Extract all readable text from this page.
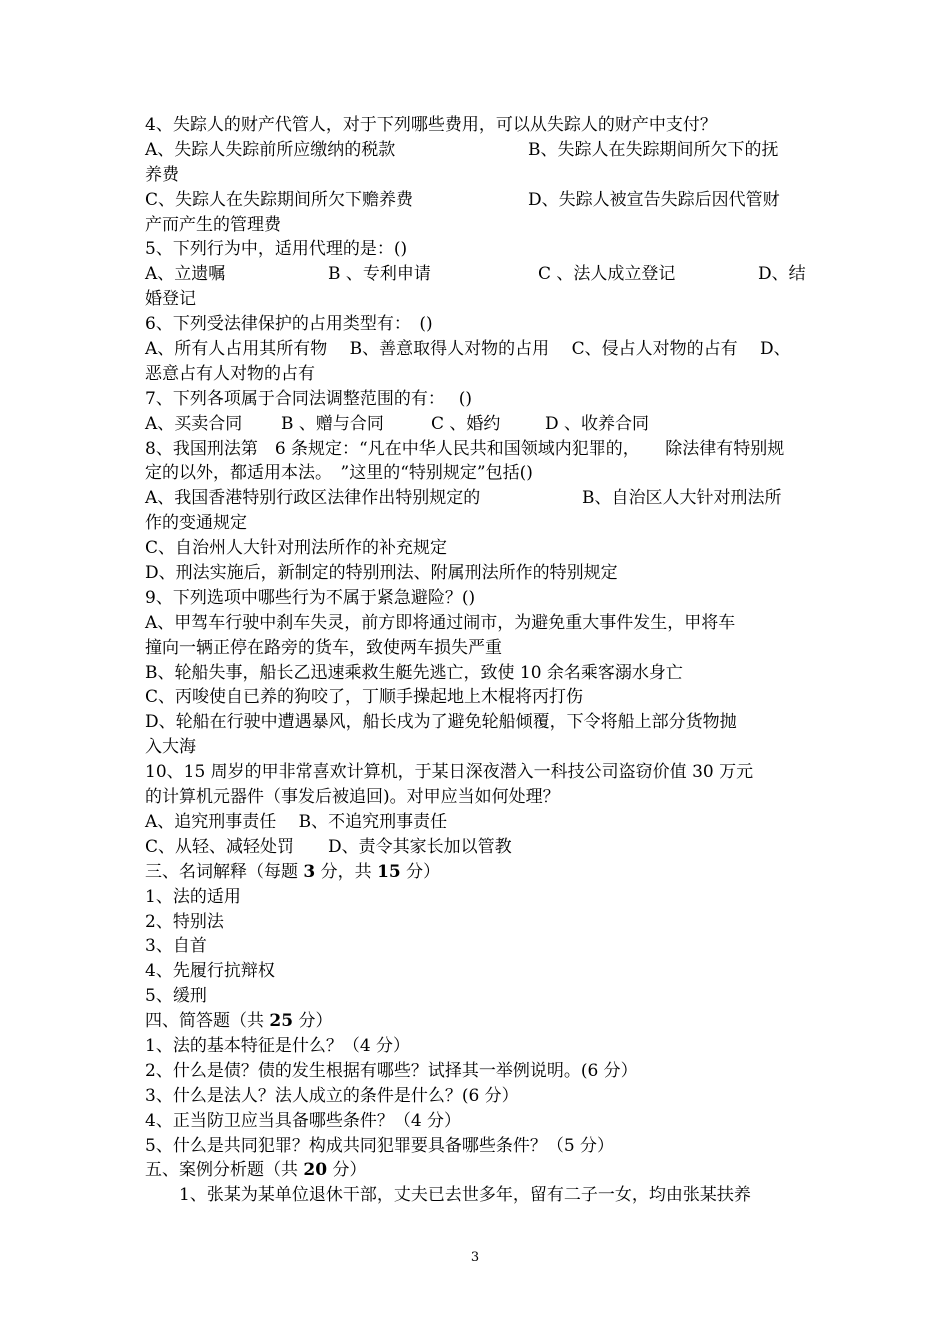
4、失踪人的财产代管人，对于下列哪些费用，可以从失踪人的财产中支付？
A、失踪人失踪前所应缴纳的税款	B、失踪人在失踪期间所欠下的抚
养费
C、失踪人在失踪期间所欠下赡养费	D、失踪人被宣告失踪后因代管财
产而产生的管理费
5、下列行为中，适用代理的是：()
A、立遗嘱	B 、专利申请	C 、法人成立登记	D、结
婚登记
6、下列受法律保护的占用类型有：　()
A、所有人占用其所有物　 B、善意取得人对物的占用　 C、侵占人对物的占有　 D、
恶意占有人对物的占有
7、下列各项属于合同法调整范围的有：　 ()
A、买卖合同	B 、赠与合同	C 、婚约	D 、收养合同
8、我国刑法第　6 条规定：“凡在中华人民共和国领域内犯罪的，　　除法律有特别规
定的以外，都适用本法。　”这里的“特别规定”包括()
A、我国香港特别行政区法律作出特别规定的	B、自治区人大针对刑法所
作的变通规定
C、自治州人大针对刑法所作的补充规定
D、刑法实施后，新制定的特别刑法、附属刑法所作的特别规定
9、下列选项中哪些行为不属于紧急避险？()
A、甲驾车行驶中刹车失灵，前方即将通过闹市，为避免重大事件发生，甲将车
撞向一辆正停在路旁的货车，致使两车损失严重
B、轮船失事，船长乙迅速乘救生艇先逃亡，致使 10 余名乘客溺水身亡
C、丙唆使自已养的狗咬了，丁顺手操起地上木棍将丙打伤
D、轮船在行驶中遭遇暴风，船长戌为了避免轮船倾覆，下令将船上部分货物抛
入大海
10、15 周岁的甲非常喜欢计算机，于某日深夜潜入一科技公司盗窃价值 30 万元
的计算机元器件（事发后被追回)。对甲应当如何处理？
A、追究刑事责任　 B、不追究刑事责任
C、从轻、减轻处罚　　D、责令其家长加以管教
三、名词解释（每题 3 分，共 15 分）
1、法的适用
2、特别法
3、自首
4、先履行抗辩权
5、缓刑
四、简答题（共 25 分）
1、法的基本特征是什么？（4 分）
2、什么是债？债的发生根据有哪些？试择其一举例说明。(6 分）
3、什么是法人？法人成立的条件是什么？(6 分）
4、正当防卫应当具备哪些条件？（4 分）
5、什么是共同犯罪？构成共同犯罪要具备哪些条件？（5 分）
五、案例分析题（共 20 分）
1、张某为某单位退休干部，丈夫已去世多年，留有二子一女，均由张某扶养
3
